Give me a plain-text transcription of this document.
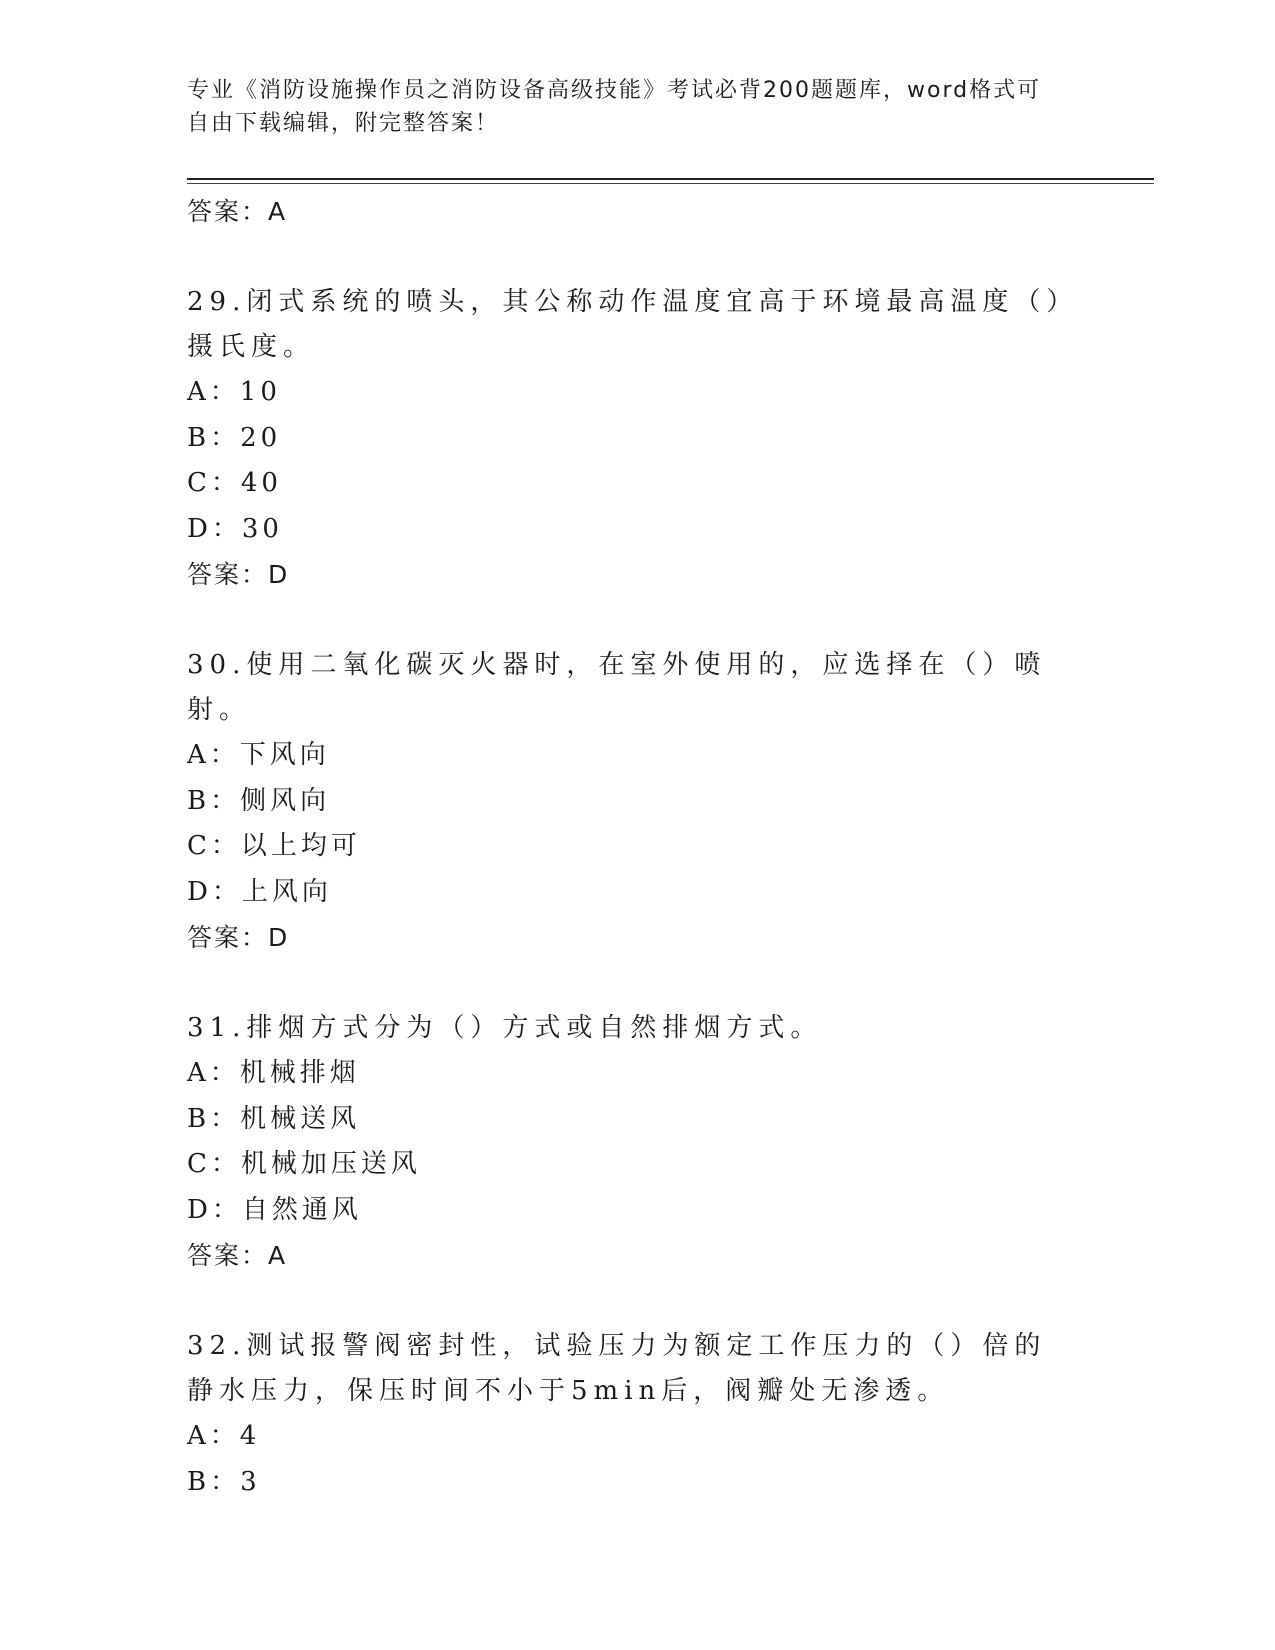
专业《消防设施操作员之消防设备高级技能》考试必背200题题库，word格式可
自由下载编辑，附完整答案！
答案：A
29.闭式系统的喷头，其公称动作温度宜高于环境最高温度（）摄氏度。
A：10
B：20
C：40
D：30
答案：D
30.使用二氧化碳灭火器时，在室外使用的，应选择在（）喷射。
A：下风向
B：侧风向
C：以上均可
D：上风向
答案：D
31.排烟方式分为（）方式或自然排烟方式。
A：机械排烟
B：机械送风
C：机械加压送风
D：自然通风
答案：A
32.测试报警阀密封性，试验压力为额定工作压力的（）倍的静水压力，保压时间不小于5min后，阀瓣处无渗透。
A：4
B：3
